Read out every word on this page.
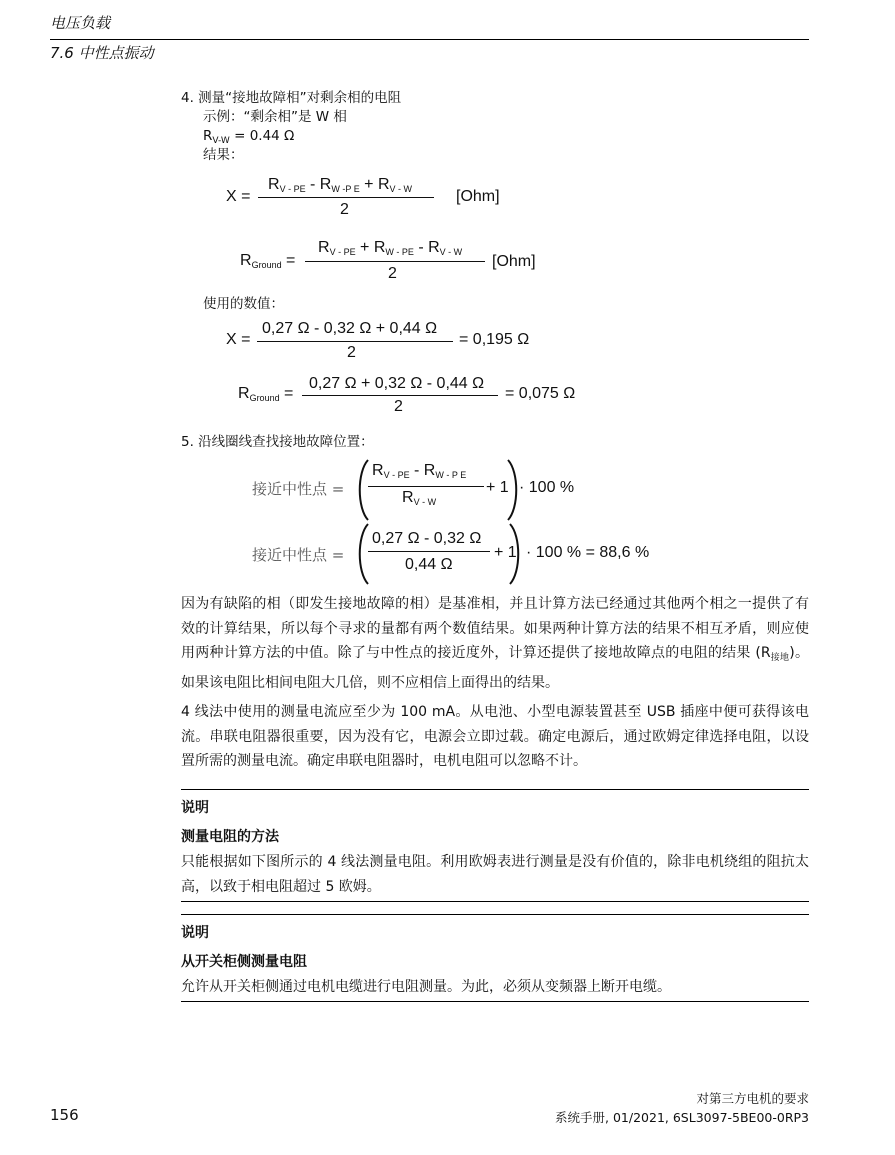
电压负载
7.6 中性点振动
4. 测量“接地故障相”对剩余相的电阻
示例：“剩余相”是 W 相
$R_{V-W} = 0.44$ Ω
结果：
X =
$R_{V - PE} - R_{W -P E} + R_{V - W}$
2
[Ohm]
$R_{Ground}$ =
$R_{V - PE} + R_{W - PE} - R_{V - W}$
2
[Ohm]
使用的数值：
X =
0,27 Ω - 0,32 Ω + 0,44 Ω
2
= 0,195 Ω
$R_{Ground}$ =
0,27 Ω + 0,32 Ω - 0,44 Ω
2
= 0,075 Ω
5. 沿线圈线查找接地故障位置：
接近中性点 =
$R_{V - PE} - R_{W - P E}$
$R_{V - W}$
+ 1 · 100 %
接近中性点 =
0,27 Ω - 0,32 Ω
0,44 Ω
+ 1 · 100 % = 88,6 %
因为有缺陷的相（即发生接地故障的相）是基准相，并且计算方法已经通过其他两个相之一提供了有效的计算结果，所以每个寻求的量都有两个数值结果。如果两种计算方法的结果不相互矛盾，则应使用两种计算方法的中值。除了与中性点的接近度外，计算还提供了接地故障点的电阻的结果 $(R_{接地})$。如果该电阻比相间电阻大几倍，则不应相信上面得出的结果。
4 线法中使用的测量电流应至少为 100 mA。从电池、小型电源装置甚至 USB 插座中便可获得该电流。串联电阻器很重要，因为没有它，电源会立即过载。确定电源后，通过欧姆定律选择电阻，以设置所需的测量电流。确定串联电阻器时，电机电阻可以忽略不计。
说明
测量电阻的方法
只能根据如下图所示的 4 线法测量电阻。利用欧姆表进行测量是没有价值的，除非电机绕组的阻抗太高，以致于相电阻超过 5 欧姆。
说明
从开关柜侧测量电阻
允许从开关柜侧通过电机电缆进行电阻测量。为此，必须从变频器上断开电缆。
156
对第三方电机的要求
系统手册, 01/2021, 6SL3097-5BE00-0RP3
